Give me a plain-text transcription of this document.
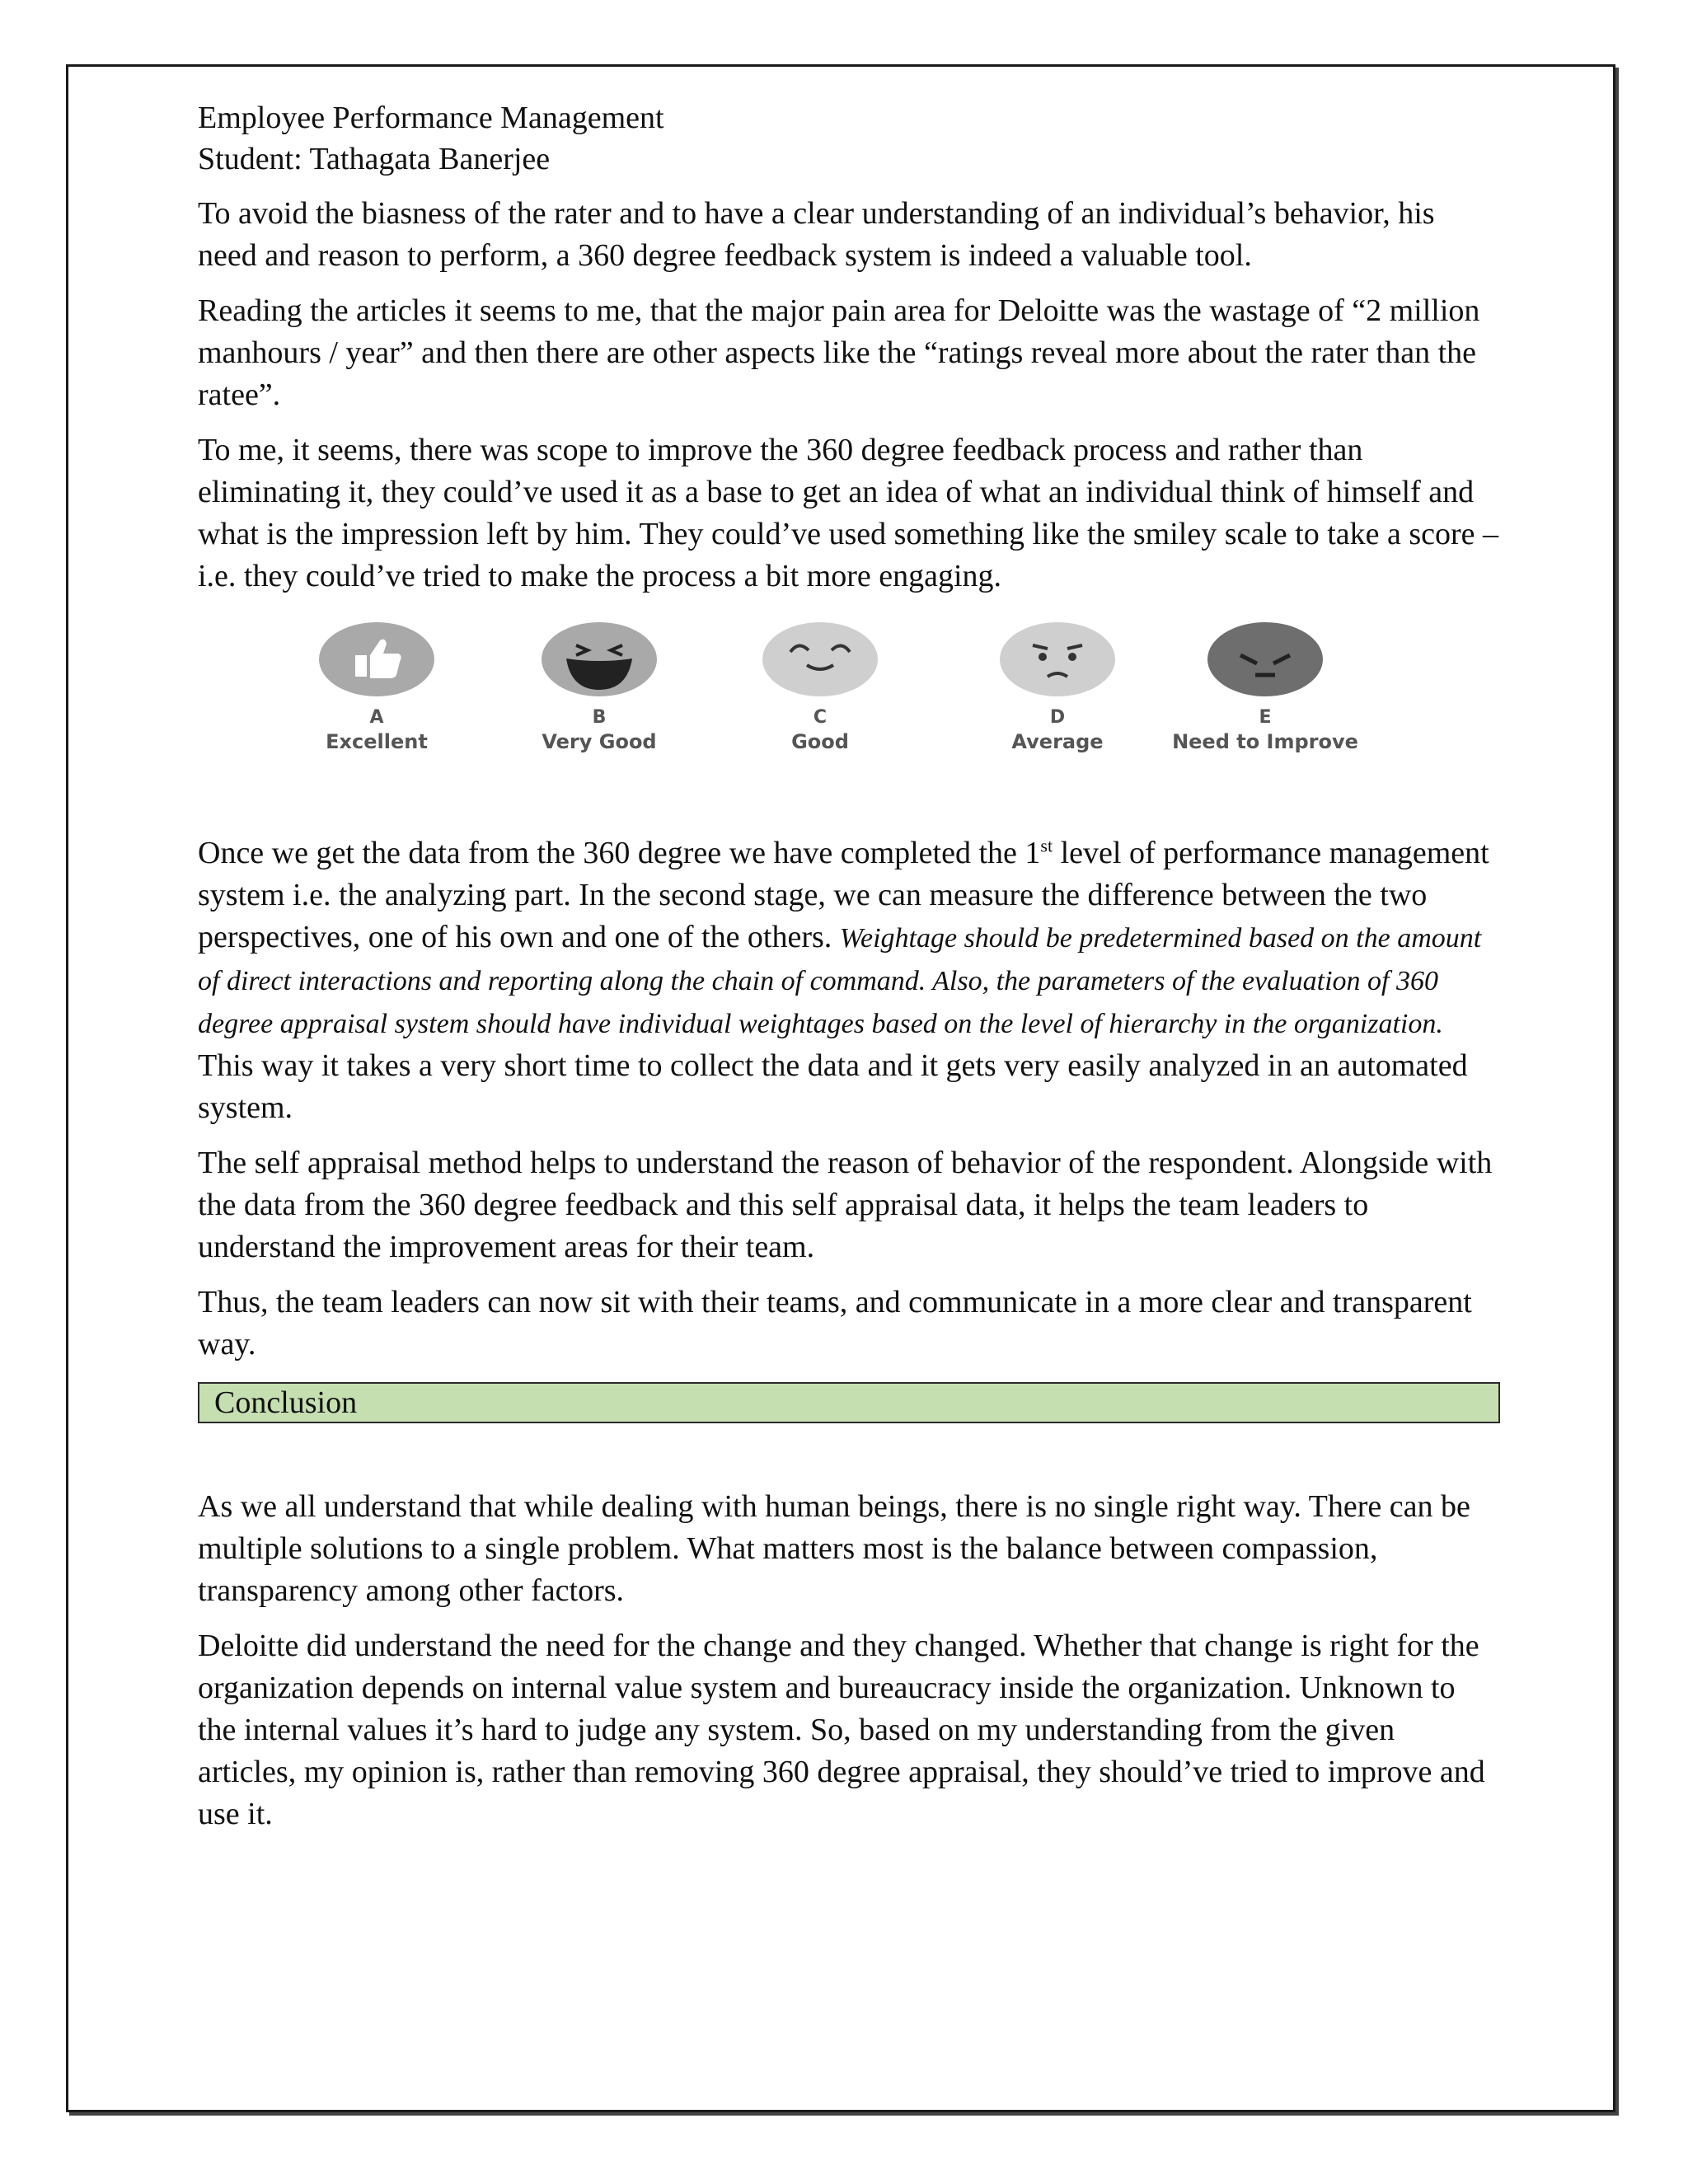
Employee Performance Management

Student: Tathagata Banerjee

To avoid the biasness of the rater and to have a clear understanding of an individual’s behavior, his need and reason to perform, a 360 degree feedback system is indeed a valuable tool.

Reading the articles it seems to me, that the major pain area for Deloitte was the wastage of “2 million manhours / year” and then there are other aspects like the “ratings reveal more about the rater than the ratee”.

To me, it seems, there was scope to improve the 360 degree feedback process and rather than eliminating it, they could’ve used it as a base to get an idea of what an individual think of himself and what is the impression left by him. They could’ve used something like the smiley scale to take a score – i.e. they could’ve tried to make the process a bit more engaging.

A
Excellent
B
Very Good
C
Good
D
Average
E
Need to Improve

Once we get the data from the 360 degree we have completed the 1st level of performance management system i.e. the analyzing part. In the second stage, we can measure the difference between the two perspectives, one of his own and one of the others. Weightage should be predetermined based on the amount of direct interactions and reporting along the chain of command. Also, the parameters of the evaluation of 360 degree appraisal system should have individual weightages based on the level of hierarchy in the organization. This way it takes a very short time to collect the data and it gets very easily analyzed in an automated system.

The self appraisal method helps to understand the reason of behavior of the respondent. Alongside with the data from the 360 degree feedback and this self appraisal data, it helps the team leaders to understand the improvement areas for their team.

Thus, the team leaders can now sit with their teams, and communicate in a more clear and transparent way.

Conclusion

As we all understand that while dealing with human beings, there is no single right way. There can be multiple solutions to a single problem. What matters most is the balance between compassion, transparency among other factors.

Deloitte did understand the need for the change and they changed. Whether that change is right for the organization depends on internal value system and bureaucracy inside the organization. Unknown to the internal values it’s hard to judge any system. So, based on my understanding from the given articles, my opinion is, rather than removing 360 degree appraisal, they should’ve tried to improve and use it.
